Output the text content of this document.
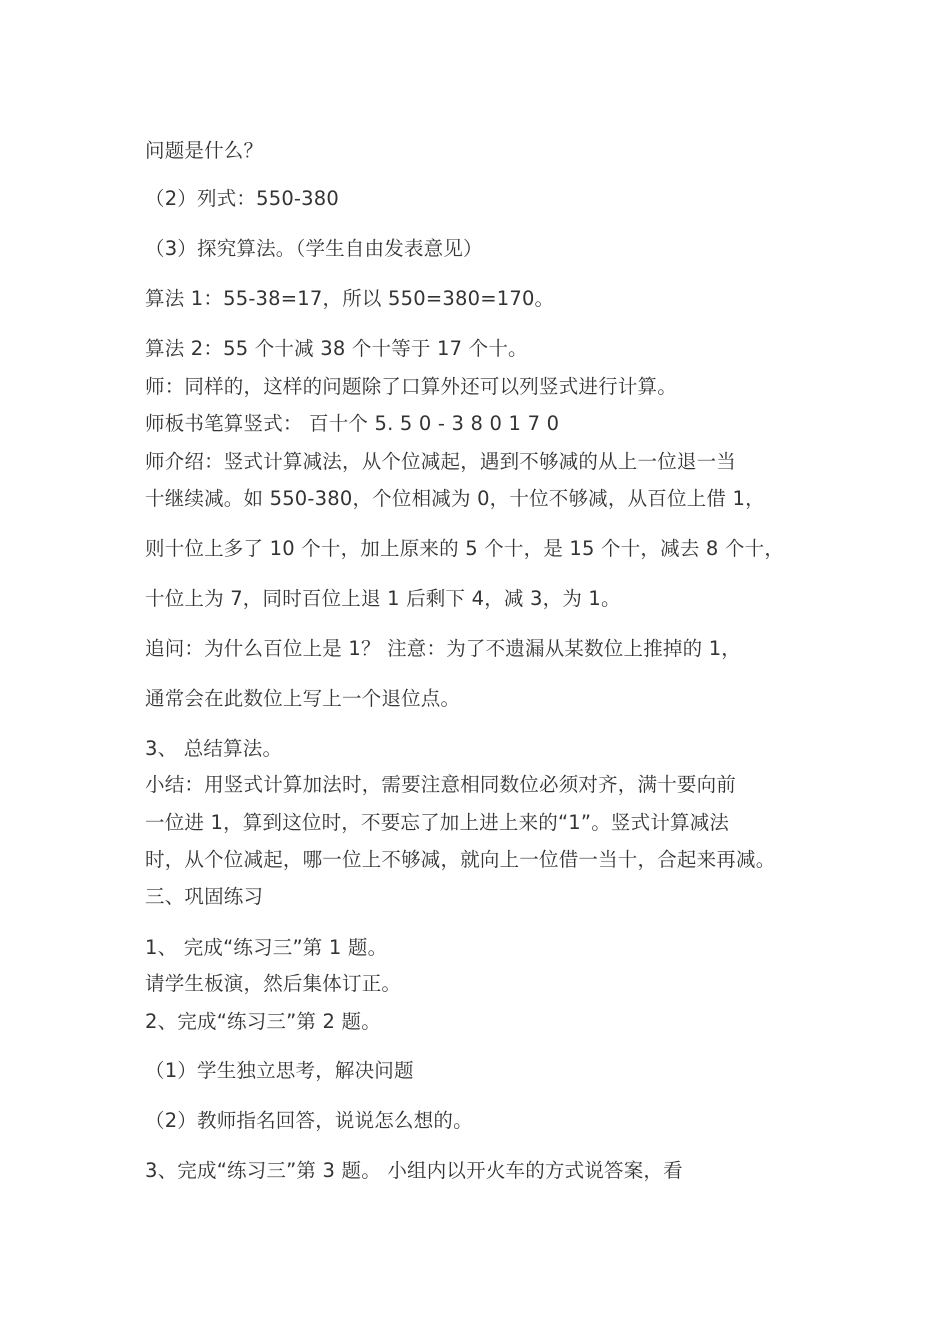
问题是什么？
（2）列式：550-380
（3）探究算法。（学生自由发表意见）
算法 1：55-38=17，所以 550=380=170。
算法 2：55 个十减 38 个十等于 17 个十。
师：同样的，这样的问题除了口算外还可以列竖式进行计算。
师板书笔算竖式： 百十个 5. 5 0 - 3 8 0 1 7 0
师介绍：竖式计算减法，从个位减起，遇到不够减的从上一位退一当
十继续减。如 550-380，个位相减为 0，十位不够减，从百位上借 1，
则十位上多了 10 个十，加上原来的 5 个十，是 15 个十，减去 8 个十，
十位上为 7，同时百位上退 1 后剩下 4，减 3，为 1。
追问：为什么百位上是 1？ 注意：为了不遗漏从某数位上推掉的 1，
通常会在此数位上写上一个退位点。
3、 总结算法。
小结：用竖式计算加法时，需要注意相同数位必须对齐，满十要向前
一位进 1，算到这位时，不要忘了加上进上来的“1”。竖式计算减法
时，从个位减起，哪一位上不够减，就向上一位借一当十，合起来再减。
三、巩固练习
1、 完成“练习三”第 1 题。
请学生板演，然后集体订正。
2、完成“练习三”第 2 题。
（1）学生独立思考，解决问题
（2）教师指名回答，说说怎么想的。
3、完成“练习三”第 3 题。 小组内以开火车的方式说答案，看
